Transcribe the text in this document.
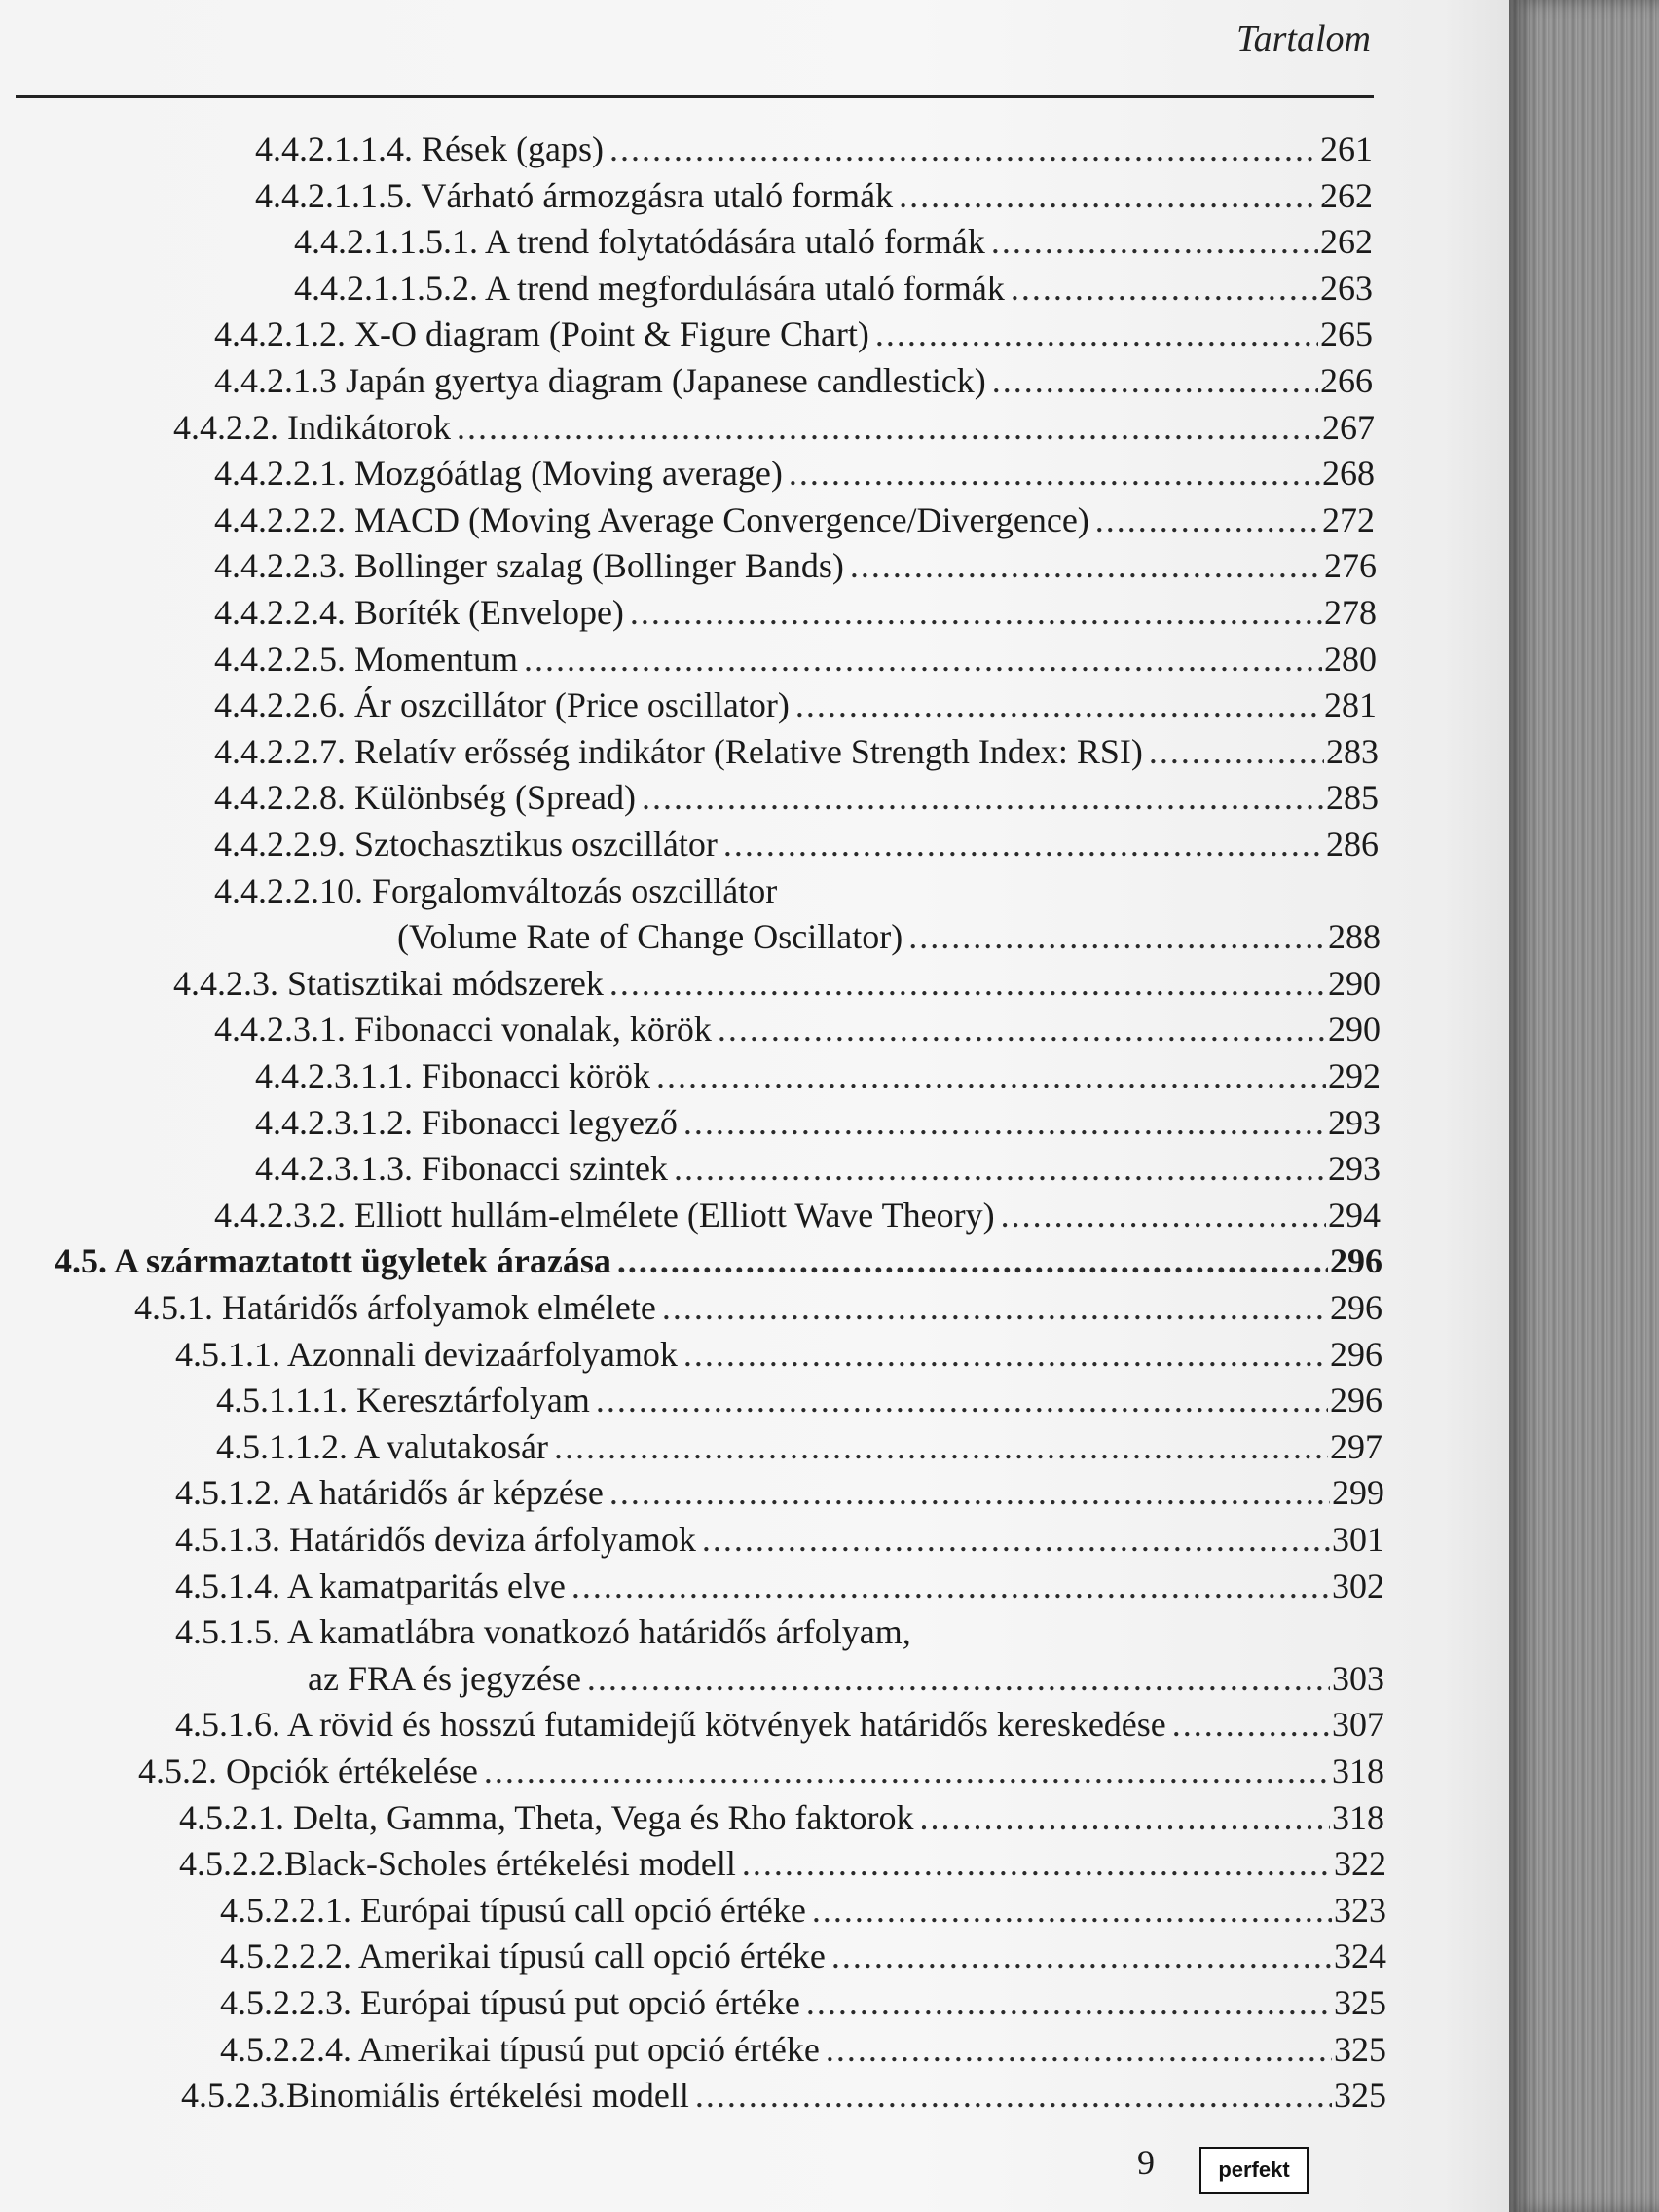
Tartalom
4.4.2.1.1.4. Rések (gaps) .....	261
4.4.2.1.1.5. Várható ármozgásra utaló formák .....	262
4.4.2.1.1.5.1. A trend folytatódására utaló formák .....	262
4.4.2.1.1.5.2. A trend megfordulására utaló formák .....	263
4.4.2.1.2. X-O diagram (Point & Figure Chart) .....	265
4.4.2.1.3 Japán gyertya diagram (Japanese candlestick) .....	266
4.4.2.2. Indikátorok .....	267
4.4.2.2.1. Mozgóátlag (Moving average) .....	268
4.4.2.2.2. MACD (Moving Average Convergence/Divergence) .....	272
4.4.2.2.3. Bollinger szalag (Bollinger Bands) .....	276
4.4.2.2.4. Boríték (Envelope) .....	278
4.4.2.2.5. Momentum .....	280
4.4.2.2.6. Ár oszcillátor (Price oscillator) .....	281
4.4.2.2.7. Relatív erősség indikátor (Relative Strength Index: RSI) .....	283
4.4.2.2.8. Különbség (Spread) .....	285
4.4.2.2.9. Sztochasztikus oszcillátor .....	286
4.4.2.2.10. Forgalomváltozás oszcillátor
(Volume Rate of Change Oscillator) .....	288
4.4.2.3. Statisztikai módszerek .....	290
4.4.2.3.1. Fibonacci vonalak, körök .....	290
4.4.2.3.1.1. Fibonacci körök .....	292
4.4.2.3.1.2. Fibonacci legyező .....	293
4.4.2.3.1.3. Fibonacci szintek .....	293
4.4.2.3.2. Elliott hullám-elmélete (Elliott Wave Theory) .....	294
4.5. A származtatott ügyletek árazása .....	296
4.5.1. Határidős árfolyamok elmélete .....	296
4.5.1.1. Azonnali devizaárfolyamok .....	296
4.5.1.1.1. Keresztárfolyam .....	296
4.5.1.1.2. A valutakosár .....	297
4.5.1.2. A határidős ár képzése .....	299
4.5.1.3. Határidős deviza árfolyamok .....	301
4.5.1.4. A kamatparitás elve .....	302
4.5.1.5. A kamatlábra vonatkozó határidős árfolyam,
az FRA és jegyzése .....	303
4.5.1.6. A rövid és hosszú futamidejű kötvények határidős kereskedése .....	307
4.5.2. Opciók értékelése .....	318
4.5.2.1. Delta, Gamma, Theta, Vega és Rho faktorok .....	318
4.5.2.2.Black-Scholes értékelési modell .....	322
4.5.2.2.1. Európai típusú call opció értéke .....	323
4.5.2.2.2. Amerikai típusú call opció értéke .....	324
4.5.2.2.3. Európai típusú put opció értéke .....	325
4.5.2.2.4. Amerikai típusú put opció értéke .....	325
4.5.2.3.Binomiális értékelési modell .....	325
9	perfekt
